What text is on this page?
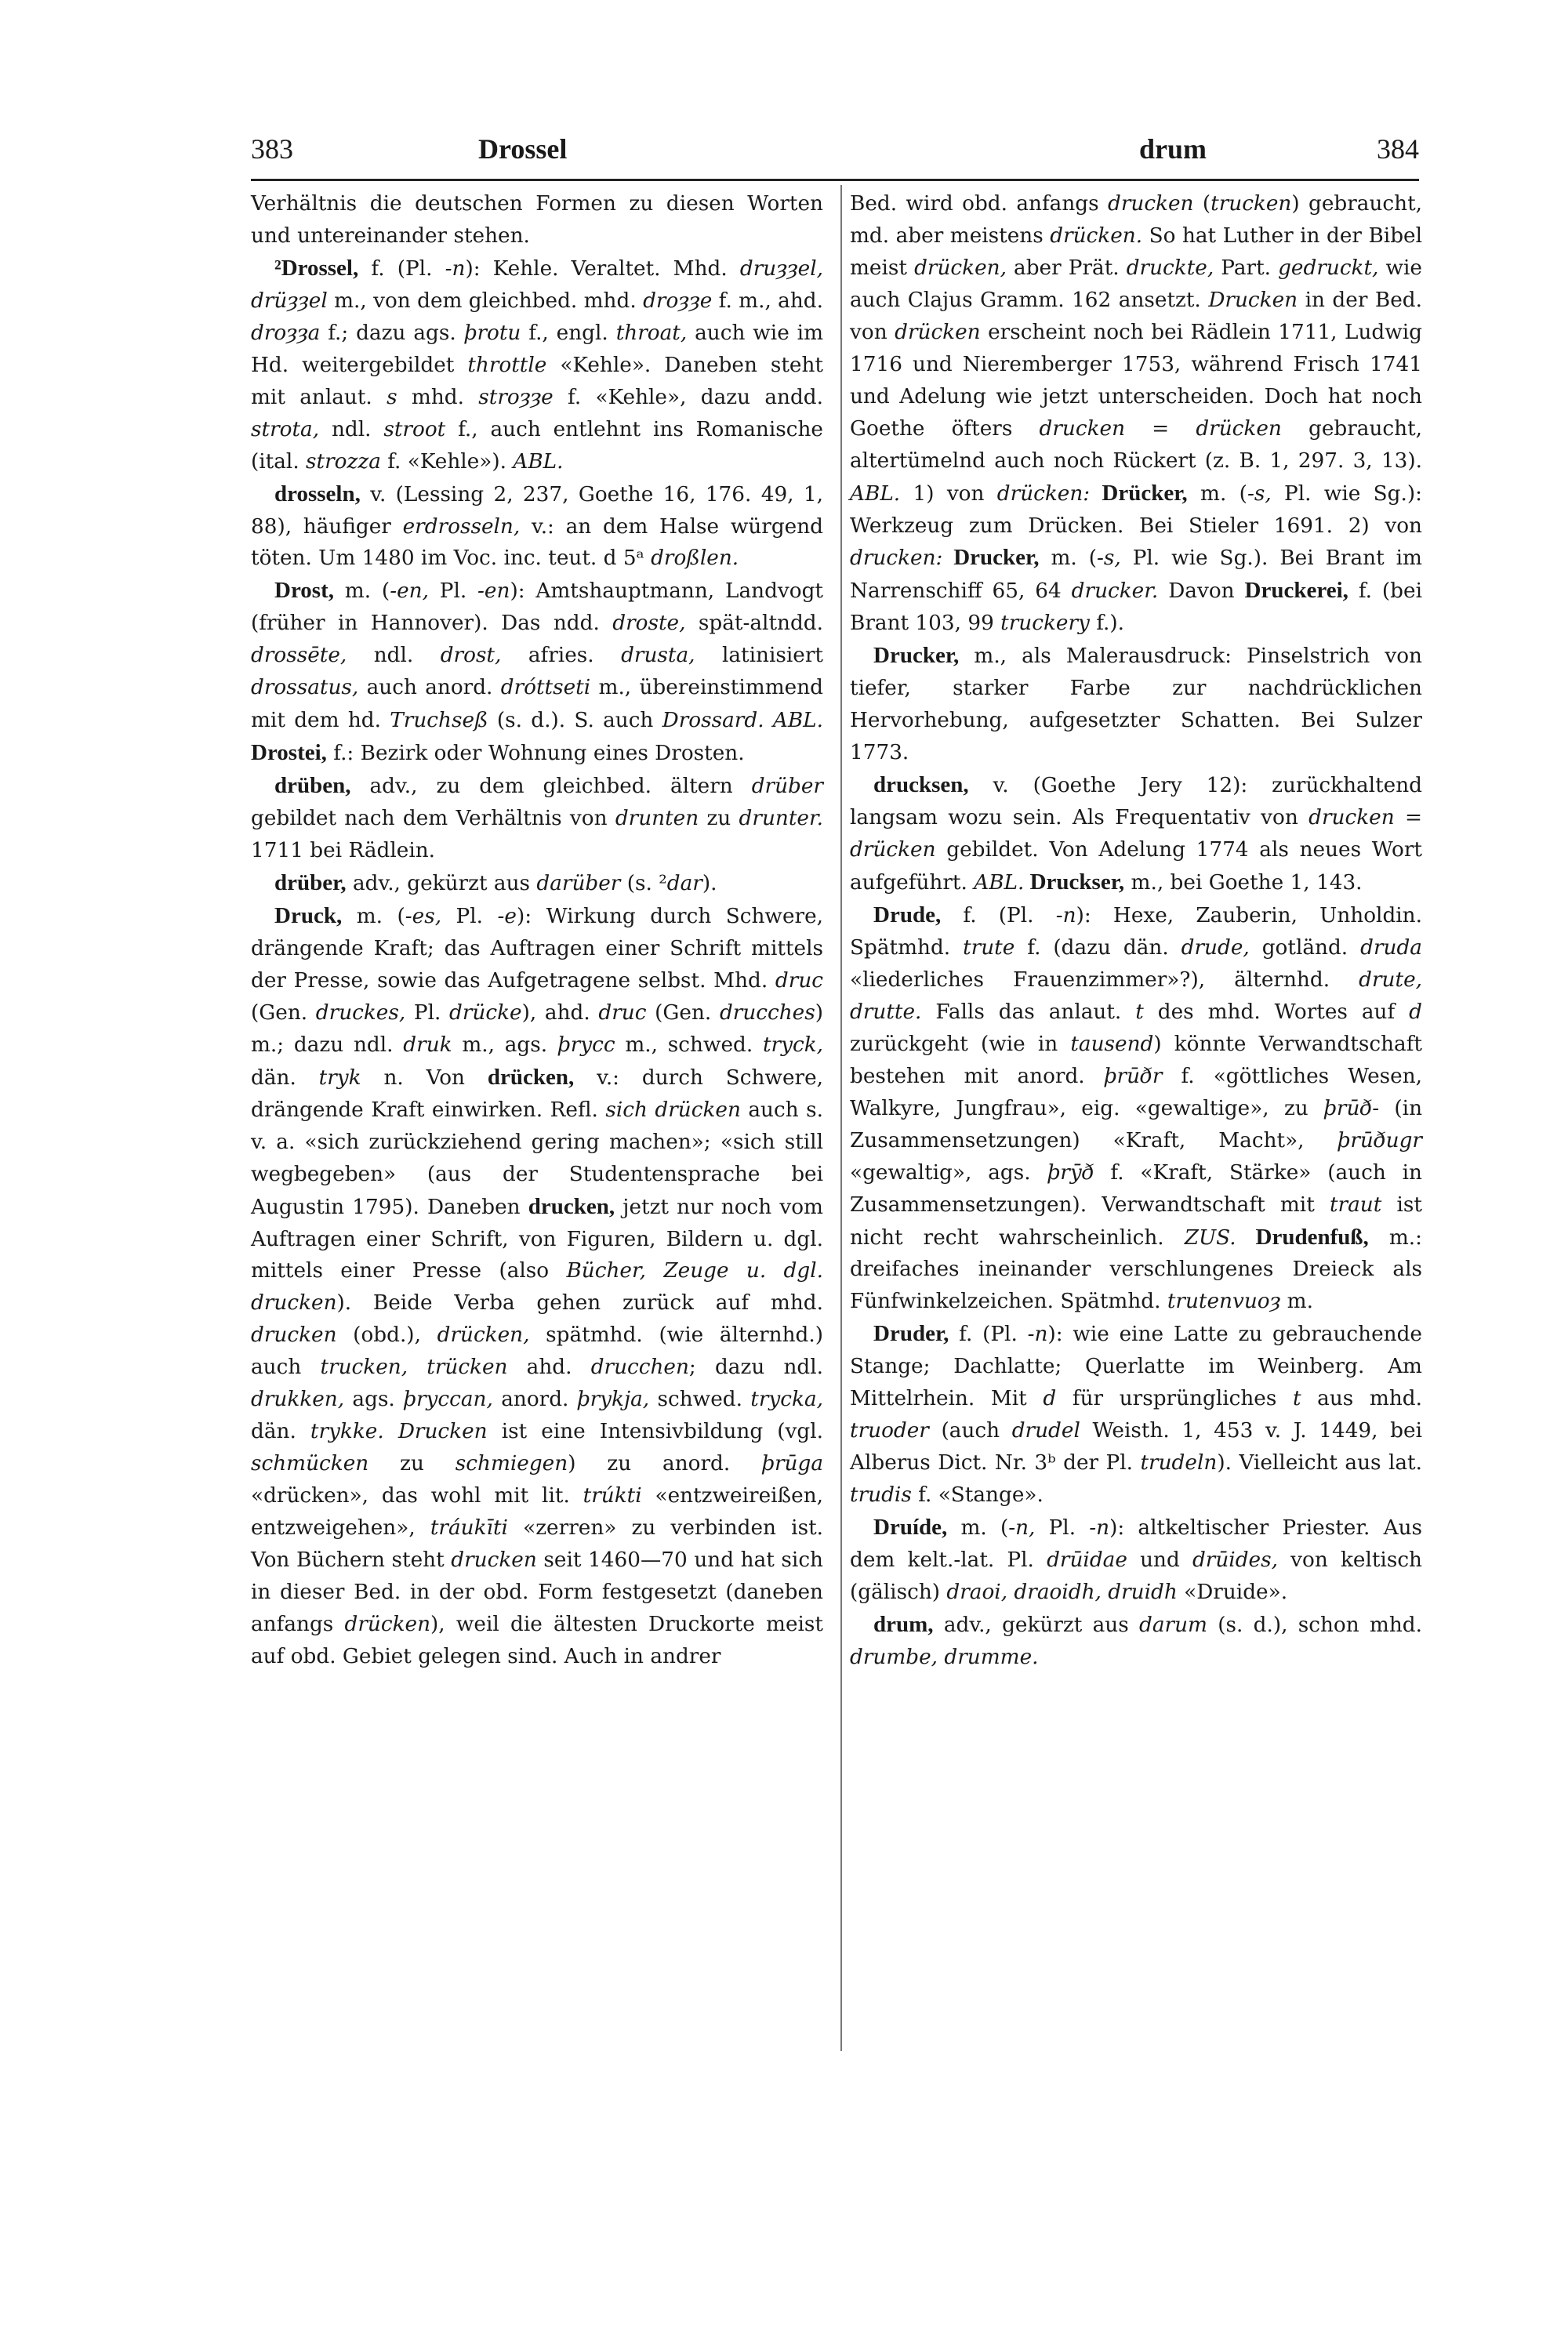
383	Drossel	drum	384

Verhältnis die deutschen Formen zu diesen Worten und untereinander stehen.

²Drossel, f. (Pl. -n): Kehle. Veraltet. Mhd. druȝȝel, drüȝȝel m., von dem gleichbed. mhd. droȝȝe f. m., ahd. droȝȝa f.; dazu ags. þrotu f., engl. throat, auch wie im Hd. weitergebildet throttle «Kehle». Daneben steht mit anlaut. s mhd. stroȝȝe f. «Kehle», dazu andd. strota, ndl. stroot f., auch entlehnt ins Romanische (ital. strozza f. «Kehle»). ABL.

drosseln, v. (Lessing 2, 237, Goethe 16, 176. 49, 1, 88), häufiger erdrosseln, v.: an dem Halse würgend töten. Um 1480 im Voc. inc. teut. d 5ᵃ droßlen.

Drost, m. (-en, Pl. -en): Amtshauptmann, Landvogt (früher in Hannover). Das ndd. droste, spät-altndd. drossēte, ndl. drost, afries. drusta, latinisiert drossatus, auch anord. dróttseti m., übereinstimmend mit dem hd. Truchseß (s. d.). S. auch Drossard. ABL. Drostei, f.: Bezirk oder Wohnung eines Drosten.

drüben, adv., zu dem gleichbed. ältern drüber gebildet nach dem Verhältnis von drunten zu drunter. 1711 bei Rädlein.

drüber, adv., gekürzt aus darüber (s. ²dar).

Druck, m. (-es, Pl. -e): Wirkung durch Schwere, drängende Kraft; das Auftragen einer Schrift mittels der Presse, sowie das Aufgetragene selbst. Mhd. druc (Gen. druckes, Pl. drücke), ahd. druc (Gen. drucches) m.; dazu ndl. druk m., ags. þrycc m., schwed. tryck, dän. tryk n. Von drücken, v.: durch Schwere, drängende Kraft einwirken. Refl. sich drücken auch s. v. a. «sich zurückziehend gering machen»; «sich still wegbegeben» (aus der Studentensprache bei Augustin 1795). Daneben drucken, jetzt nur noch vom Auftragen einer Schrift, von Figuren, Bildern u. dgl. mittels einer Presse (also Bücher, Zeuge u. dgl. drucken). Beide Verba gehen zurück auf mhd. drucken (obd.), drücken, spätmhd. (wie älternhd.) auch trucken, trücken ahd. drucchen; dazu ndl. drukken, ags. þryccan, anord. þrykja, schwed. trycka, dän. trykke. Drucken ist eine Intensivbildung (vgl. schmücken zu schmiegen) zu anord. þrūga «drücken», das wohl mit lit. trúkti «entzweireißen, entzweigehen», tráukīti «zerren» zu verbinden ist. Von Büchern steht drucken seit 1460—70 und hat sich in dieser Bed. in der obd. Form festgesetzt (daneben anfangs drücken), weil die ältesten Druckorte meist auf obd. Gebiet gelegen sind. Auch in andrer

Bed. wird obd. anfangs drucken (trucken) gebraucht, md. aber meistens drücken. So hat Luther in der Bibel meist drücken, aber Prät. druckte, Part. gedruckt, wie auch Clajus Gramm. 162 ansetzt. Drucken in der Bed. von drücken erscheint noch bei Rädlein 1711, Ludwig 1716 und Nieremberger 1753, während Frisch 1741 und Adelung wie jetzt unterscheiden. Doch hat noch Goethe öfters drucken = drücken gebraucht, altertümelnd auch noch Rückert (z. B. 1, 297. 3, 13). ABL. 1) von drücken: Drücker, m. (-s, Pl. wie Sg.): Werkzeug zum Drücken. Bei Stieler 1691. 2) von drucken: Drucker, m. (-s, Pl. wie Sg.). Bei Brant im Narrenschiff 65, 64 drucker. Davon Druckerei, f. (bei Brant 103, 99 truckery f.).

Drucker, m., als Malerausdruck: Pinselstrich von tiefer, starker Farbe zur nachdrücklichen Hervorhebung, aufgesetzter Schatten. Bei Sulzer 1773.

drucksen, v. (Goethe Jery 12): zurückhaltend langsam wozu sein. Als Frequentativ von drucken = drücken gebildet. Von Adelung 1774 als neues Wort aufgeführt. ABL. Druckser, m., bei Goethe 1, 143.

Drude, f. (Pl. -n): Hexe, Zauberin, Unholdin. Spätmhd. trute f. (dazu dän. drude, gotländ. druda «liederliches Frauenzimmer»?), älternhd. drute, drutte. Falls das anlaut. t des mhd. Wortes auf d zurückgeht (wie in tausend) könnte Verwandtschaft bestehen mit anord. þrūðr f. «göttliches Wesen, Walkyre, Jungfrau», eig. «gewaltige», zu þrūð- (in Zusammensetzungen) «Kraft, Macht», þrūðugr «gewaltig», ags. þrȳð f. «Kraft, Stärke» (auch in Zusammensetzungen). Verwandtschaft mit traut ist nicht recht wahrscheinlich. ZUS. Drudenfuß, m.: dreifaches ineinander verschlungenes Dreieck als Fünfwinkelzeichen. Spätmhd. trutenvuoȝ m.

Druder, f. (Pl. -n): wie eine Latte zu gebrauchende Stange; Dachlatte; Querlatte im Weinberg. Am Mittelrhein. Mit d für ursprüngliches t aus mhd. truoder (auch drudel Weisth. 1, 453 v. J. 1449, bei Alberus Dict. Nr. 3ᵇ der Pl. trudeln). Vielleicht aus lat. trudis f. «Stange».

Druíde, m. (-n, Pl. -n): altkeltischer Priester. Aus dem kelt.-lat. Pl. drūidae und drūides, von keltisch (gälisch) draoi, draoidh, druidh «Druide».

drum, adv., gekürzt aus darum (s. d.), schon mhd. drumbe, drumme.
